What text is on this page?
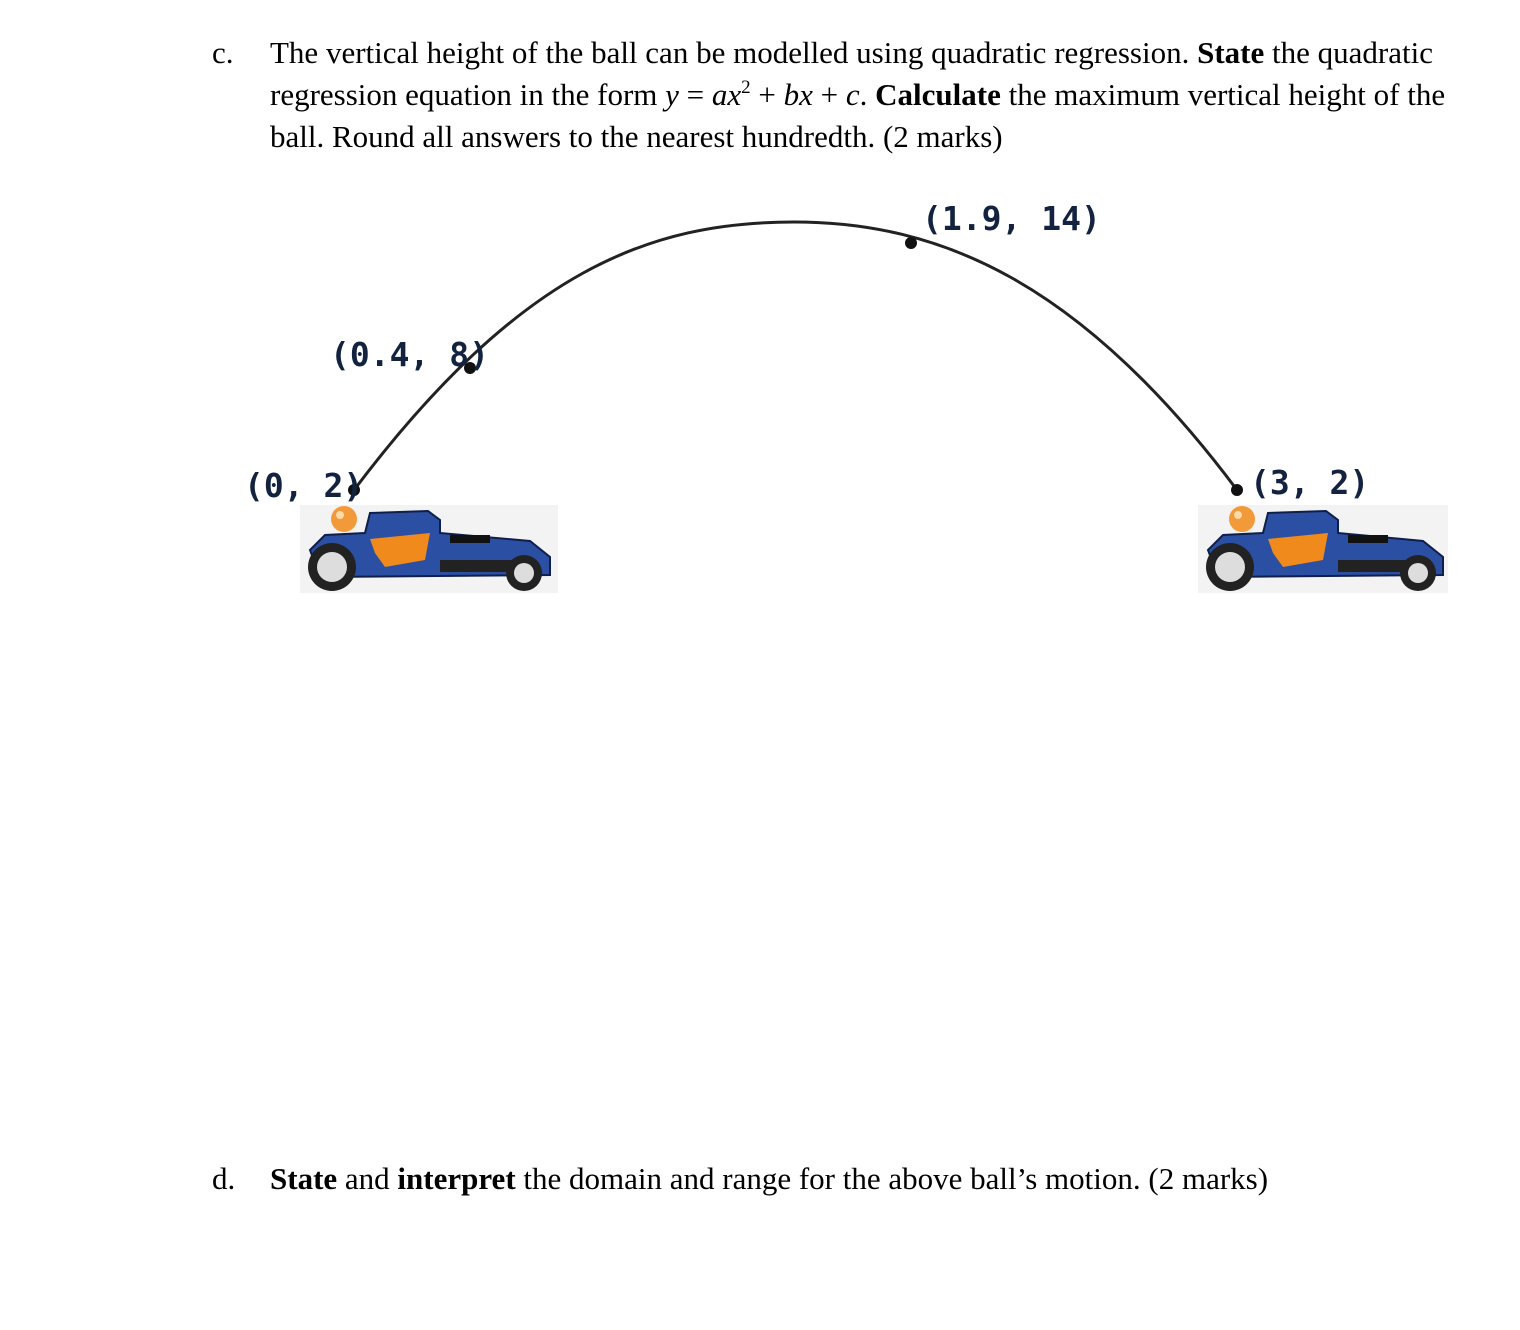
(0, 2)
(0.4, 8)
(1.9, 14)
(3, 2)
c. The vertical height of the ball can be modelled using quadratic regression. State the quadratic regression equation in the form $y = ax^2$ + bx + c. Calculate the maximum vertical height of the ball. Round all answers to the nearest hundredth. (2 marks)
d. State and interpret the domain and range for the above ball’s motion. (2 marks)
